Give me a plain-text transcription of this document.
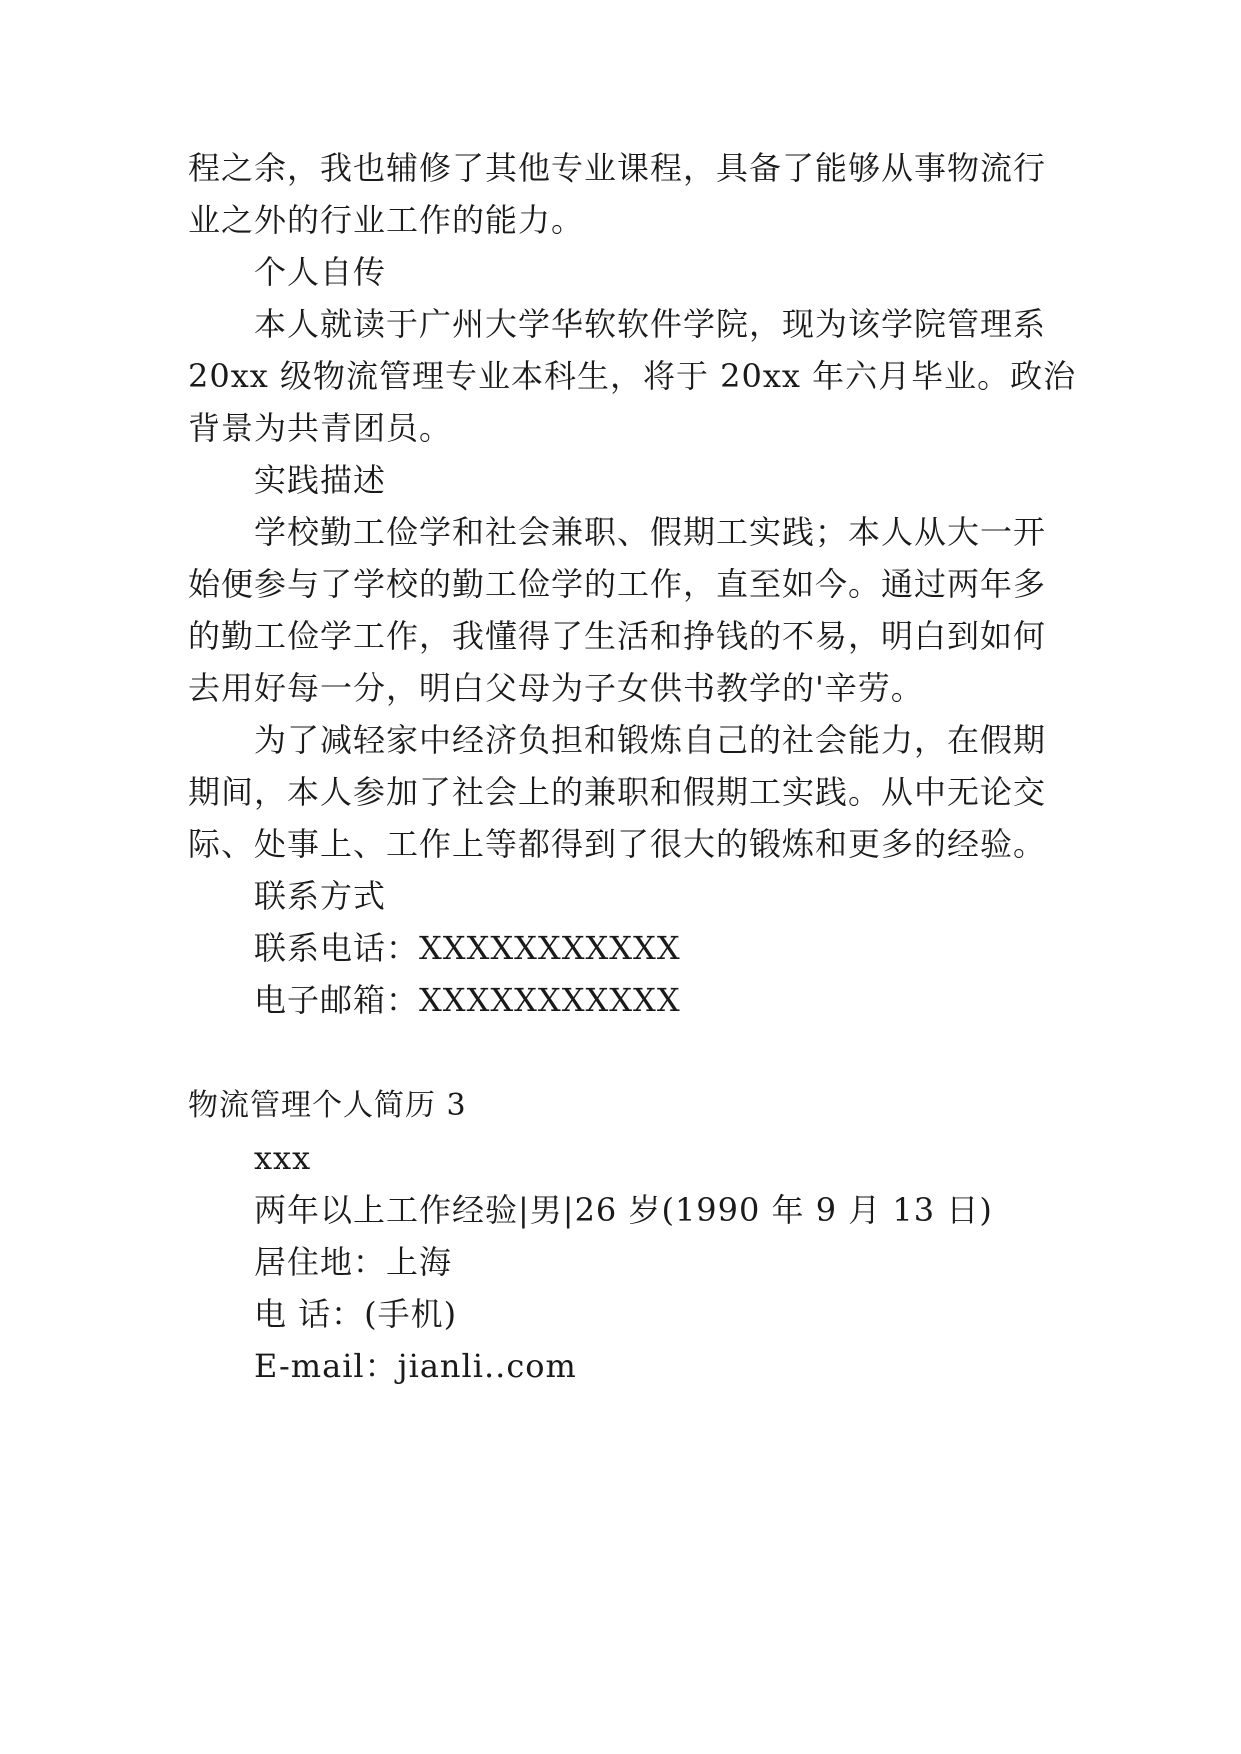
程之余，我也辅修了其他专业课程，具备了能够从事物流行
业之外的行业工作的能力。
个人自传
本人就读于广州大学华软软件学院，现为该学院管理系
20xx 级物流管理专业本科生，将于 20xx 年六月毕业。政治
背景为共青团员。
实践描述
学校勤工俭学和社会兼职、假期工实践；本人从大一开
始便参与了学校的勤工俭学的工作，直至如今。通过两年多
的勤工俭学工作，我懂得了生活和挣钱的不易，明白到如何
去用好每一分，明白父母为子女供书教学的'辛劳。
为了减轻家中经济负担和锻炼自己的社会能力，在假期
期间，本人参加了社会上的兼职和假期工实践。从中无论交
际、处事上、工作上等都得到了很大的锻炼和更多的经验。
联系方式
联系电话：XXXXXXXXXXX
电子邮箱：XXXXXXXXXXX
物流管理个人简历 3
xxx
两年以上工作经验|男|26 岁(1990 年 9 月 13 日)
居住地：上海
电 话：(手机)
E-mail：jianli..com
